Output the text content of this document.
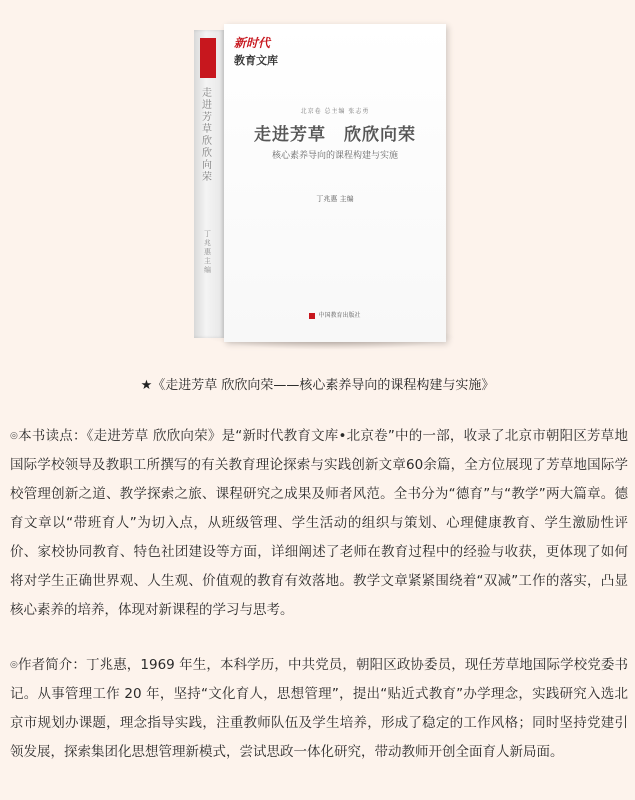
走进芳草 欣欣向荣
丁兆惠 主编
新时代
教育文库
北京卷 总主编 张志勇
走进芳草　欣欣向荣
核心素养导向的课程构建与实施
丁兆惠 主编
中国教育出版社
★《走进芳草 欣欣向荣——核心素养导向的课程构建与实施》

◎本书读点：《走进芳草 欣欣向荣》是“新时代教育文库•北京卷”中的一部，收录了北京市朝阳区芳草地国际学校领导及教职工所撰写的有关教育理论探索与实践创新文章60余篇，全方位展现了芳草地国际学校管理创新之道、教学探索之旅、课程研究之成果及师者风范。全书分为“德育”与“教学”两大篇章。德育文章以“带班育人”为切入点，从班级管理、学生活动的组织与策划、心理健康教育、学生激励性评价、家校协同教育、特色社团建设等方面，详细阐述了老师在教育过程中的经验与收获，更体现了如何将对学生正确世界观、人生观、价值观的教育有效落地。教学文章紧紧围绕着“双减”工作的落实，凸显核心素养的培养，体现对新课程的学习与思考。

◎作者简介：丁兆惠，1969 年生，本科学历，中共党员，朝阳区政协委员，现任芳草地国际学校党委书记。从事管理工作 20 年，坚持“文化育人，思想管理”，提出“贴近式教育”办学理念，实践研究入选北京市规划办课题，理念指导实践，注重教师队伍及学生培养，形成了稳定的工作风格；同时坚持党建引领发展，探索集团化思想管理新模式，尝试思政一体化研究，带动教师开创全面育人新局面。
